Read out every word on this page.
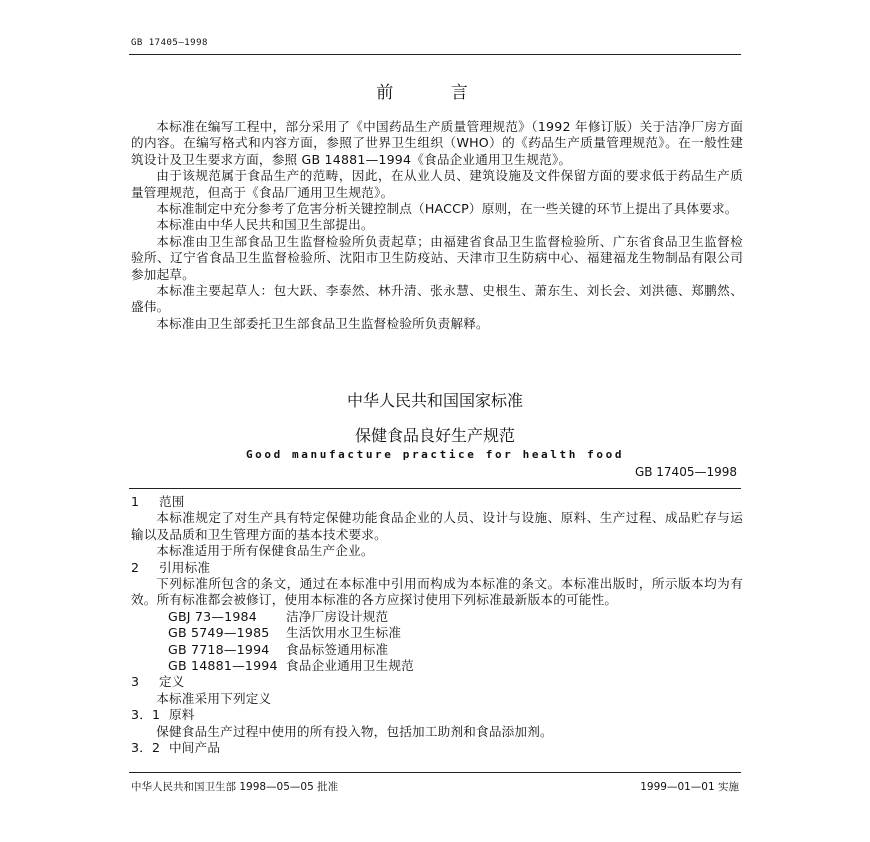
GB 17405—1998
前 言

本标准在编写工程中，部分采用了《中国药品生产质量管理规范》（1992 年修订版）关于洁净厂房方面的内容。在编写格式和内容方面，参照了世界卫生组织（WHO）的《药品生产质量管理规范》。在一般性建筑设计及卫生要求方面，参照 GB 14881—1994《食品企业通用卫生规范》。

由于该规范属于食品生产的范畴，因此，在从业人员、建筑设施及文件保留方面的要求低于药品生产质量管理规范，但高于《食品厂通用卫生规范》。

本标准制定中充分参考了危害分析关键控制点（HACCP）原则，在一些关键的环节上提出了具体要求。

本标准由中华人民共和国卫生部提出。

本标准由卫生部食品卫生监督检验所负责起草；由福建省食品卫生监督检验所、广东省食品卫生监督检验所、辽宁省食品卫生监督检验所、沈阳市卫生防疫站、天津市卫生防病中心、福建福龙生物制品有限公司参加起草。

本标准主要起草人：包大跃、李泰然、林升清、张永慧、史根生、萧东生、刘长会、刘洪德、郑鹏然、盛伟。

本标准由卫生部委托卫生部食品卫生监督检验所负责解释。

中华人民共和国国家标准
保健食品良好生产规范
Good manufacture practice for health food
GB 17405—1998

1 范围

本标准规定了对生产具有特定保健功能食品企业的人员、设计与设施、原料、生产过程、成品贮存与运输以及品质和卫生管理方面的基本技术要求。

本标准适用于所有保健食品生产企业。

2 引用标准

下列标准所包含的条文，通过在本标准中引用而构成为本标准的条文。本标准出版时，所示版本均为有效。所有标准都会被修订，使用本标准的各方应探讨使用下列标准最新版本的可能性。

GBJ 73—1984 洁净厂房设计规范

GB 5749—1985 生活饮用水卫生标准

GB 7718—1994 食品标签通用标准

GB 14881—1994 食品企业通用卫生规范

3 定义

本标准采用下列定义

3．1 原料

保健食品生产过程中使用的所有投入物，包括加工助剂和食品添加剂。

3．2 中间产品

中华人民共和国卫生部 1998—05—05 批准	1999—01—01 实施
